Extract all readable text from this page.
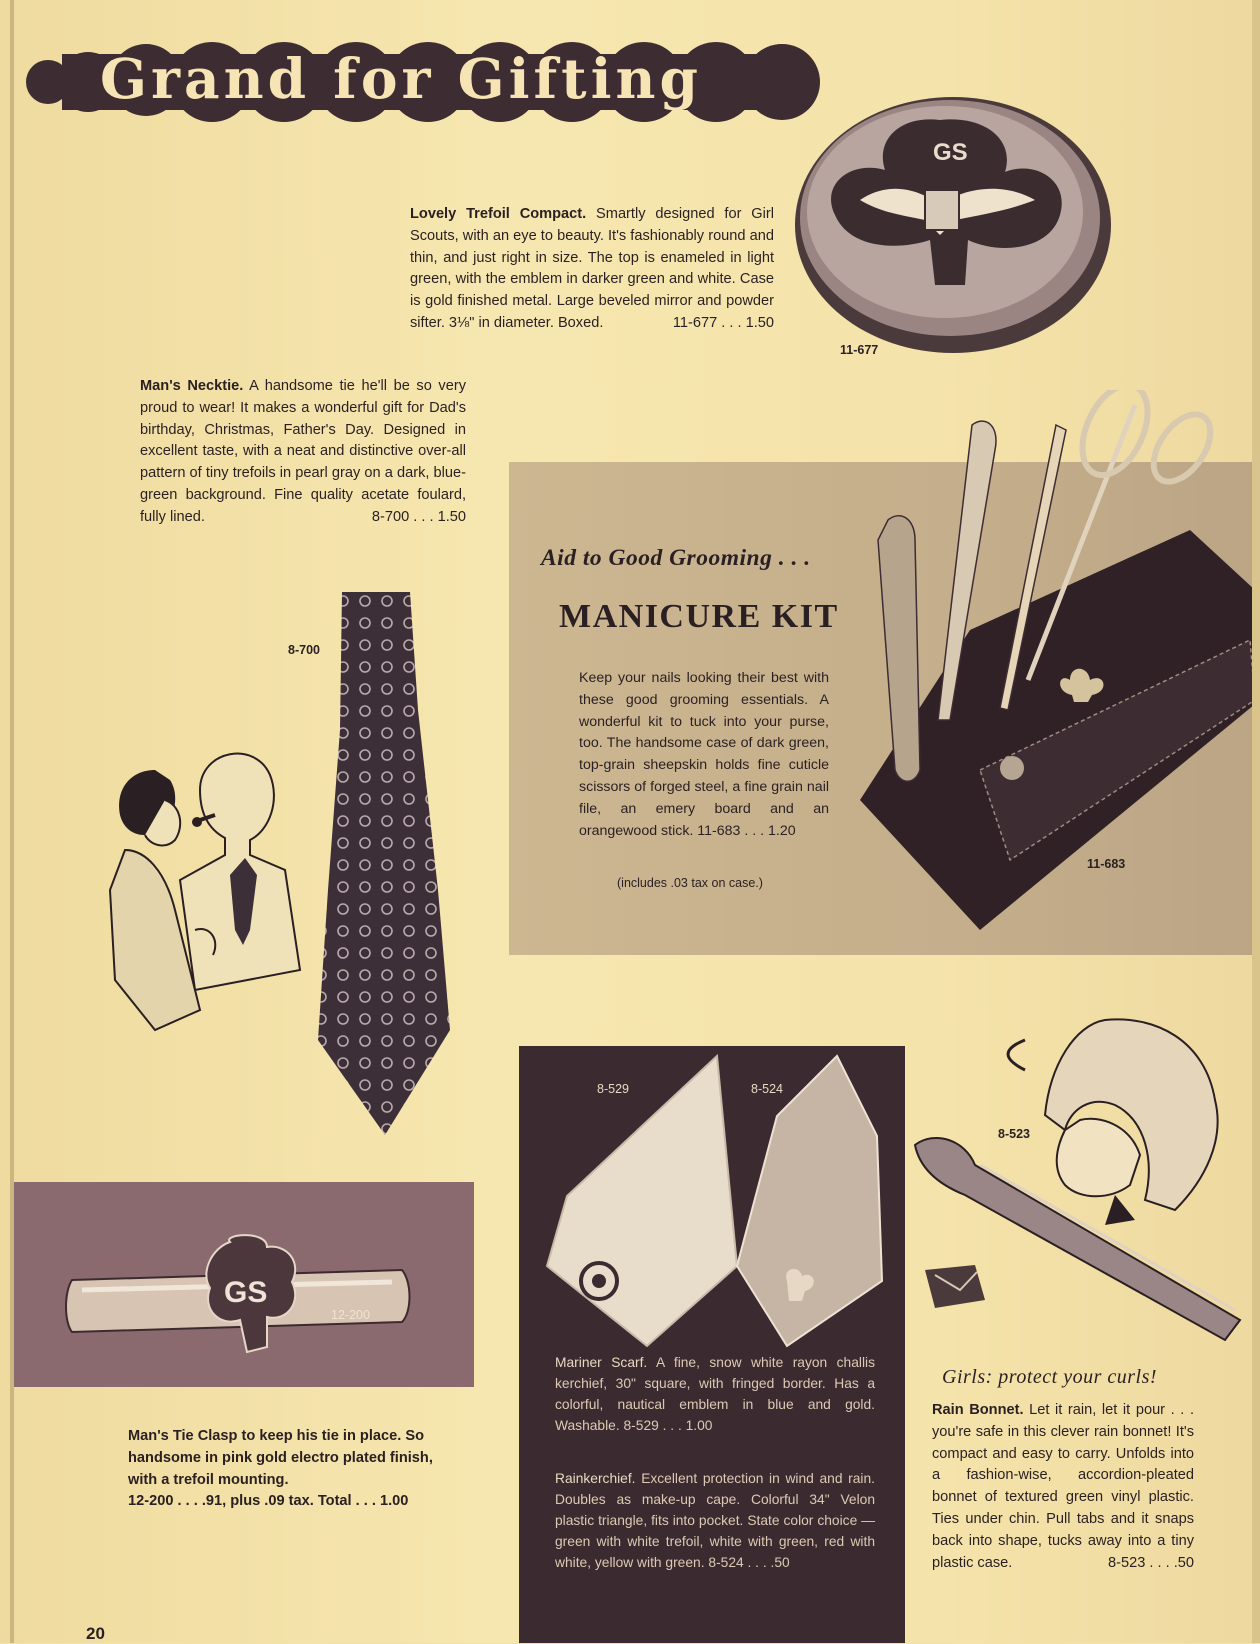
Grand for Gifting
GS
11-677
Lovely Trefoil Compact. Smartly designed for Girl Scouts, with an eye to beauty. It's fashionably round and thin, and just right in size. The top is enameled in light green, with the emblem in darker green and white. Case is gold finished metal. Large beveled mirror and powder sifter. 3⅛" in diameter. Boxed.	11-677 . . . 1.50
Man's Necktie. A handsome tie he'll be so very proud to wear! It makes a wonderful gift for Dad's birthday, Christmas, Father's Day. Designed in excellent taste, with a neat and distinctive over-all pattern of tiny trefoils in pearl gray on a dark, blue-green background. Fine quality acetate foulard, fully lined.	8-700 . . . 1.50
8-700
Aid to Good Grooming . . .
MANICURE KIT
Keep your nails looking their best with these good grooming essentials. A wonderful kit to tuck into your purse, too. The handsome case of dark green, top-grain sheepskin holds fine cuticle scissors of forged steel, a fine grain nail file, an emery board and an orangewood stick. 11-683 . . . 1.20
(includes .03 tax on case.)
11-683
GS
12-200
Man's Tie Clasp to keep his tie in place. So handsome in pink gold electro plated finish, with a trefoil mounting.
12-200 . . . .91, plus .09 tax. Total . . . 1.00
8-529	8-524
Mariner Scarf. A fine, snow white rayon challis kerchief, 30" square, with fringed border. Has a colorful, nautical emblem in blue and gold. Washable. 8-529 . . . 1.00
Rainkerchief. Excellent protection in wind and rain. Doubles as make-up cape. Colorful 34" Velon plastic triangle, fits into pocket. State color choice — green with white trefoil, white with green, red with white, yellow with green. 8-524 . . . .50
8-523
Girls: protect your curls!
Rain Bonnet. Let it rain, let it pour . . . you're safe in this clever rain bonnet! It's compact and easy to carry. Unfolds into a fashion-wise, accordion-pleated bonnet of textured green vinyl plastic. Ties under chin. Pull tabs and it snaps back into shape, tucks away into a tiny plastic case.	8-523 . . . .50
20
